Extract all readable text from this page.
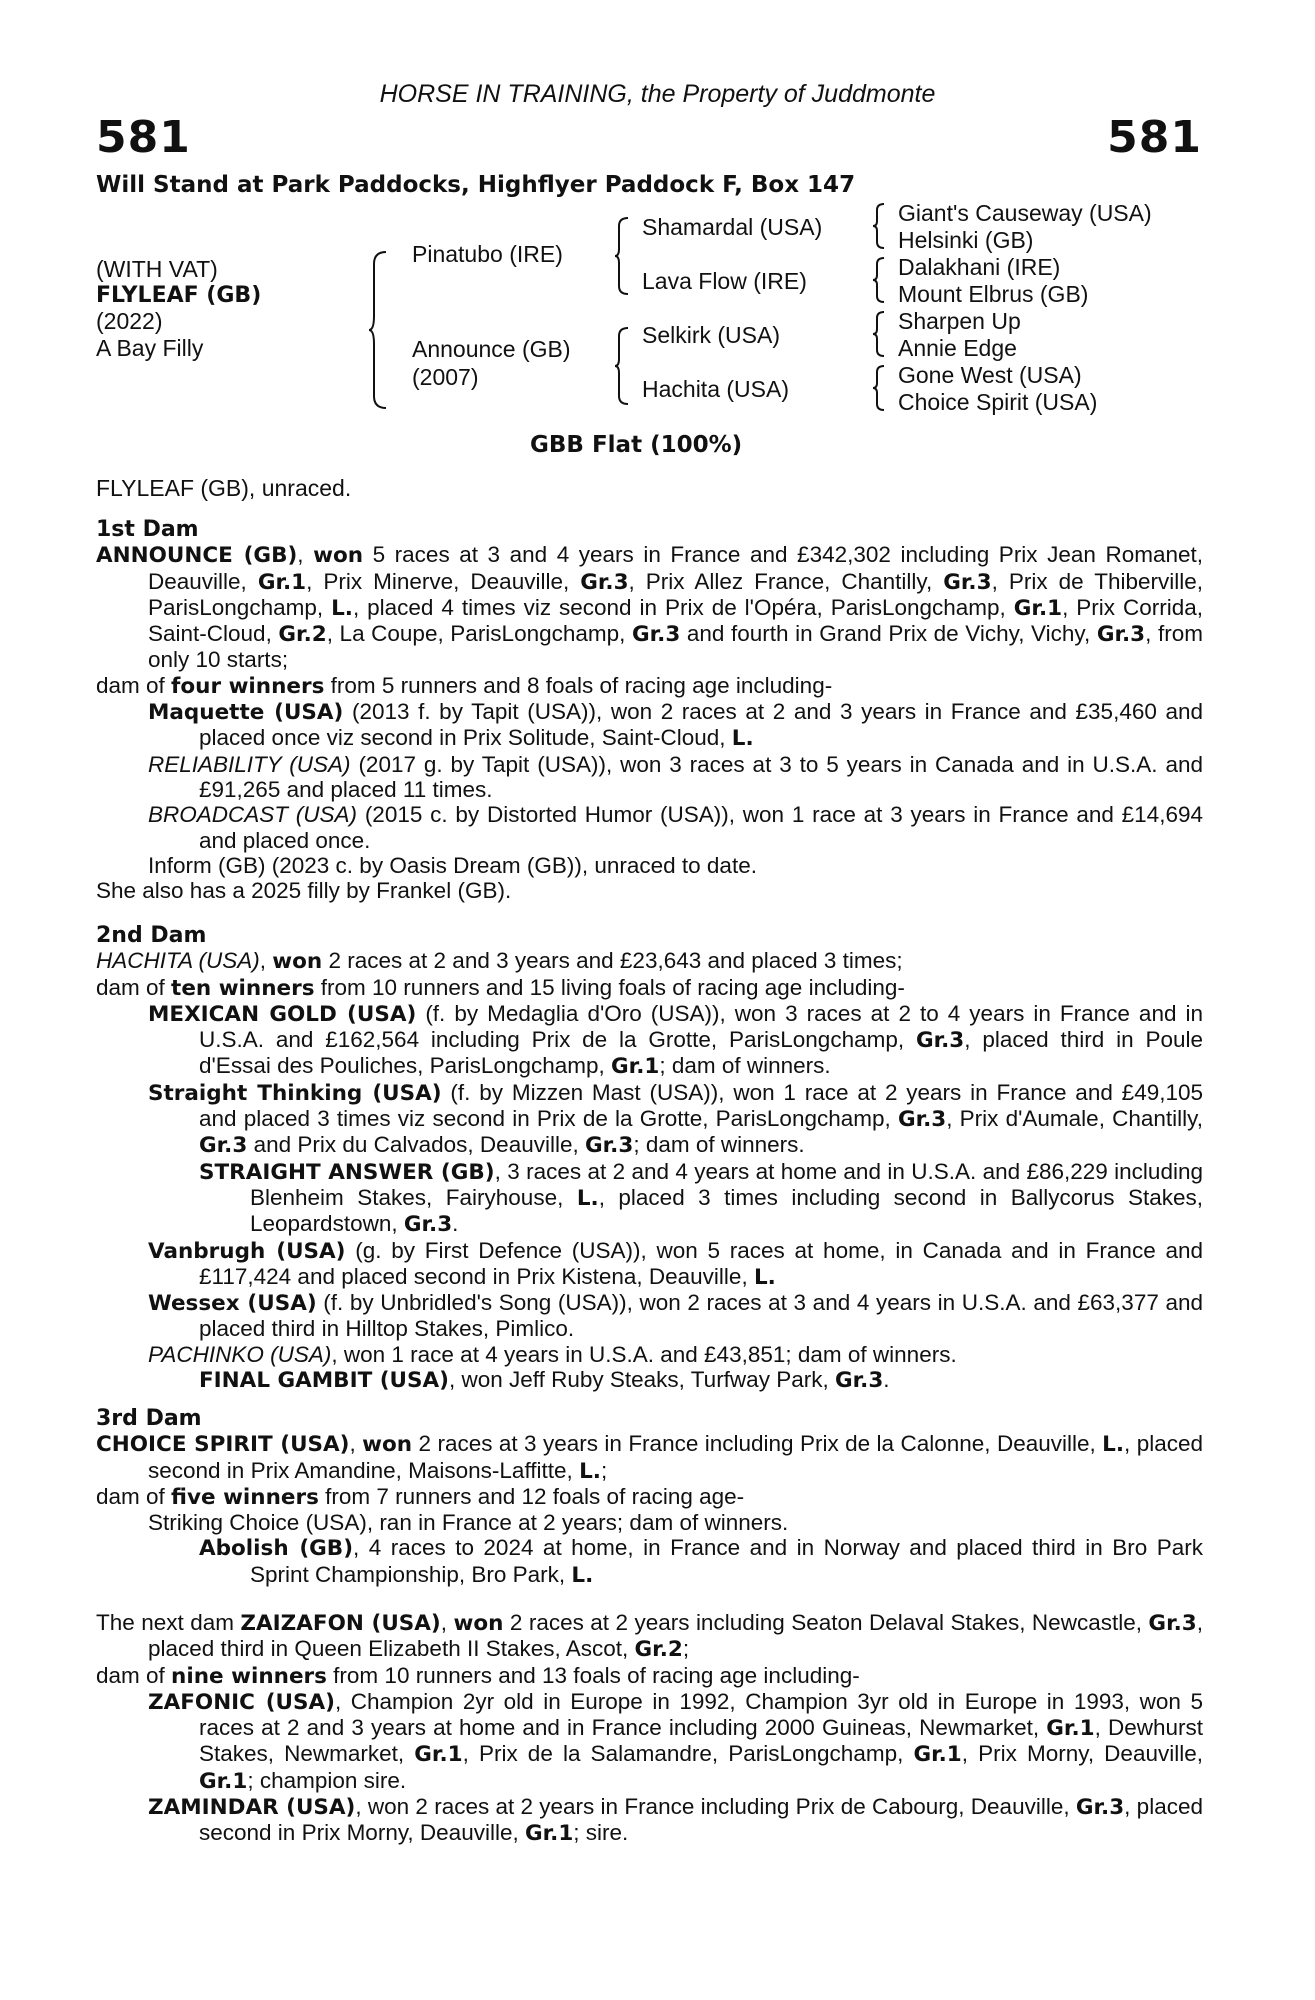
HORSE IN TRAINING, the Property of Juddmonte
581	581
Will Stand at Park Paddocks, Highflyer Paddock F, Box 147
(WITH VAT)
FLYLEAF (GB)
(2022)
A Bay Filly
Pinatubo (IRE)
Announce (GB)
(2007)
Shamardal (USA)
Lava Flow (IRE)
Selkirk (USA)
Hachita (USA)
Giant's Causeway (USA)
Helsinki (GB)
Dalakhani (IRE)
Mount Elbrus (GB)
Sharpen Up
Annie Edge
Gone West (USA)
Choice Spirit (USA)
GBB Flat (100%)
FLYLEAF (GB), unraced.
1st Dam
ANNOUNCE (GB), won 5 races at 3 and 4 years in France and £342,302 including Prix Jean Romanet, Deauville, Gr.1, Prix Minerve, Deauville, Gr.3, Prix Allez France, Chantilly, Gr.3, Prix de Thiberville, ParisLongchamp, L., placed 4 times viz second in Prix de l'Opéra, ParisLongchamp, Gr.1, Prix Corrida, Saint-Cloud, Gr.2, La Coupe, ParisLongchamp, Gr.3 and fourth in Grand Prix de Vichy, Vichy, Gr.3, from only 10 starts;
dam of four winners from 5 runners and 8 foals of racing age including-
Maquette (USA) (2013 f. by Tapit (USA)), won 2 races at 2 and 3 years in France and £35,460 and placed once viz second in Prix Solitude, Saint-Cloud, L.
RELIABILITY (USA) (2017 g. by Tapit (USA)), won 3 races at 3 to 5 years in Canada and in U.S.A. and £91,265 and placed 11 times.
BROADCAST (USA) (2015 c. by Distorted Humor (USA)), won 1 race at 3 years in France and £14,694 and placed once.
Inform (GB) (2023 c. by Oasis Dream (GB)), unraced to date.
She also has a 2025 filly by Frankel (GB).
2nd Dam
HACHITA (USA), won 2 races at 2 and 3 years and £23,643 and placed 3 times;
dam of ten winners from 10 runners and 15 living foals of racing age including-
MEXICAN GOLD (USA) (f. by Medaglia d'Oro (USA)), won 3 races at 2 to 4 years in France and in U.S.A. and £162,564 including Prix de la Grotte, ParisLongchamp, Gr.3, placed third in Poule d'Essai des Pouliches, ParisLongchamp, Gr.1; dam of winners.
Straight Thinking (USA) (f. by Mizzen Mast (USA)), won 1 race at 2 years in France and £49,105 and placed 3 times viz second in Prix de la Grotte, ParisLongchamp, Gr.3, Prix d'Aumale, Chantilly, Gr.3 and Prix du Calvados, Deauville, Gr.3; dam of winners.
STRAIGHT ANSWER (GB), 3 races at 2 and 4 years at home and in U.S.A. and £86,229 including Blenheim Stakes, Fairyhouse, L., placed 3 times including second in Ballycorus Stakes, Leopardstown, Gr.3.
Vanbrugh (USA) (g. by First Defence (USA)), won 5 races at home, in Canada and in France and £117,424 and placed second in Prix Kistena, Deauville, L.
Wessex (USA) (f. by Unbridled's Song (USA)), won 2 races at 3 and 4 years in U.S.A. and £63,377 and placed third in Hilltop Stakes, Pimlico.
PACHINKO (USA), won 1 race at 4 years in U.S.A. and £43,851; dam of winners.
FINAL GAMBIT (USA), won Jeff Ruby Steaks, Turfway Park, Gr.3.
3rd Dam
CHOICE SPIRIT (USA), won 2 races at 3 years in France including Prix de la Calonne, Deauville, L., placed second in Prix Amandine, Maisons-Laffitte, L.;
dam of five winners from 7 runners and 12 foals of racing age-
Striking Choice (USA), ran in France at 2 years; dam of winners.
Abolish (GB), 4 races to 2024 at home, in France and in Norway and placed third in Bro Park Sprint Championship, Bro Park, L.
The next dam ZAIZAFON (USA), won 2 races at 2 years including Seaton Delaval Stakes, Newcastle, Gr.3, placed third in Queen Elizabeth II Stakes, Ascot, Gr.2;
dam of nine winners from 10 runners and 13 foals of racing age including-
ZAFONIC (USA), Champion 2yr old in Europe in 1992, Champion 3yr old in Europe in 1993, won 5 races at 2 and 3 years at home and in France including 2000 Guineas, Newmarket, Gr.1, Dewhurst Stakes, Newmarket, Gr.1, Prix de la Salamandre, ParisLongchamp, Gr.1, Prix Morny, Deauville, Gr.1; champion sire.
ZAMINDAR (USA), won 2 races at 2 years in France including Prix de Cabourg, Deauville, Gr.3, placed second in Prix Morny, Deauville, Gr.1; sire.
